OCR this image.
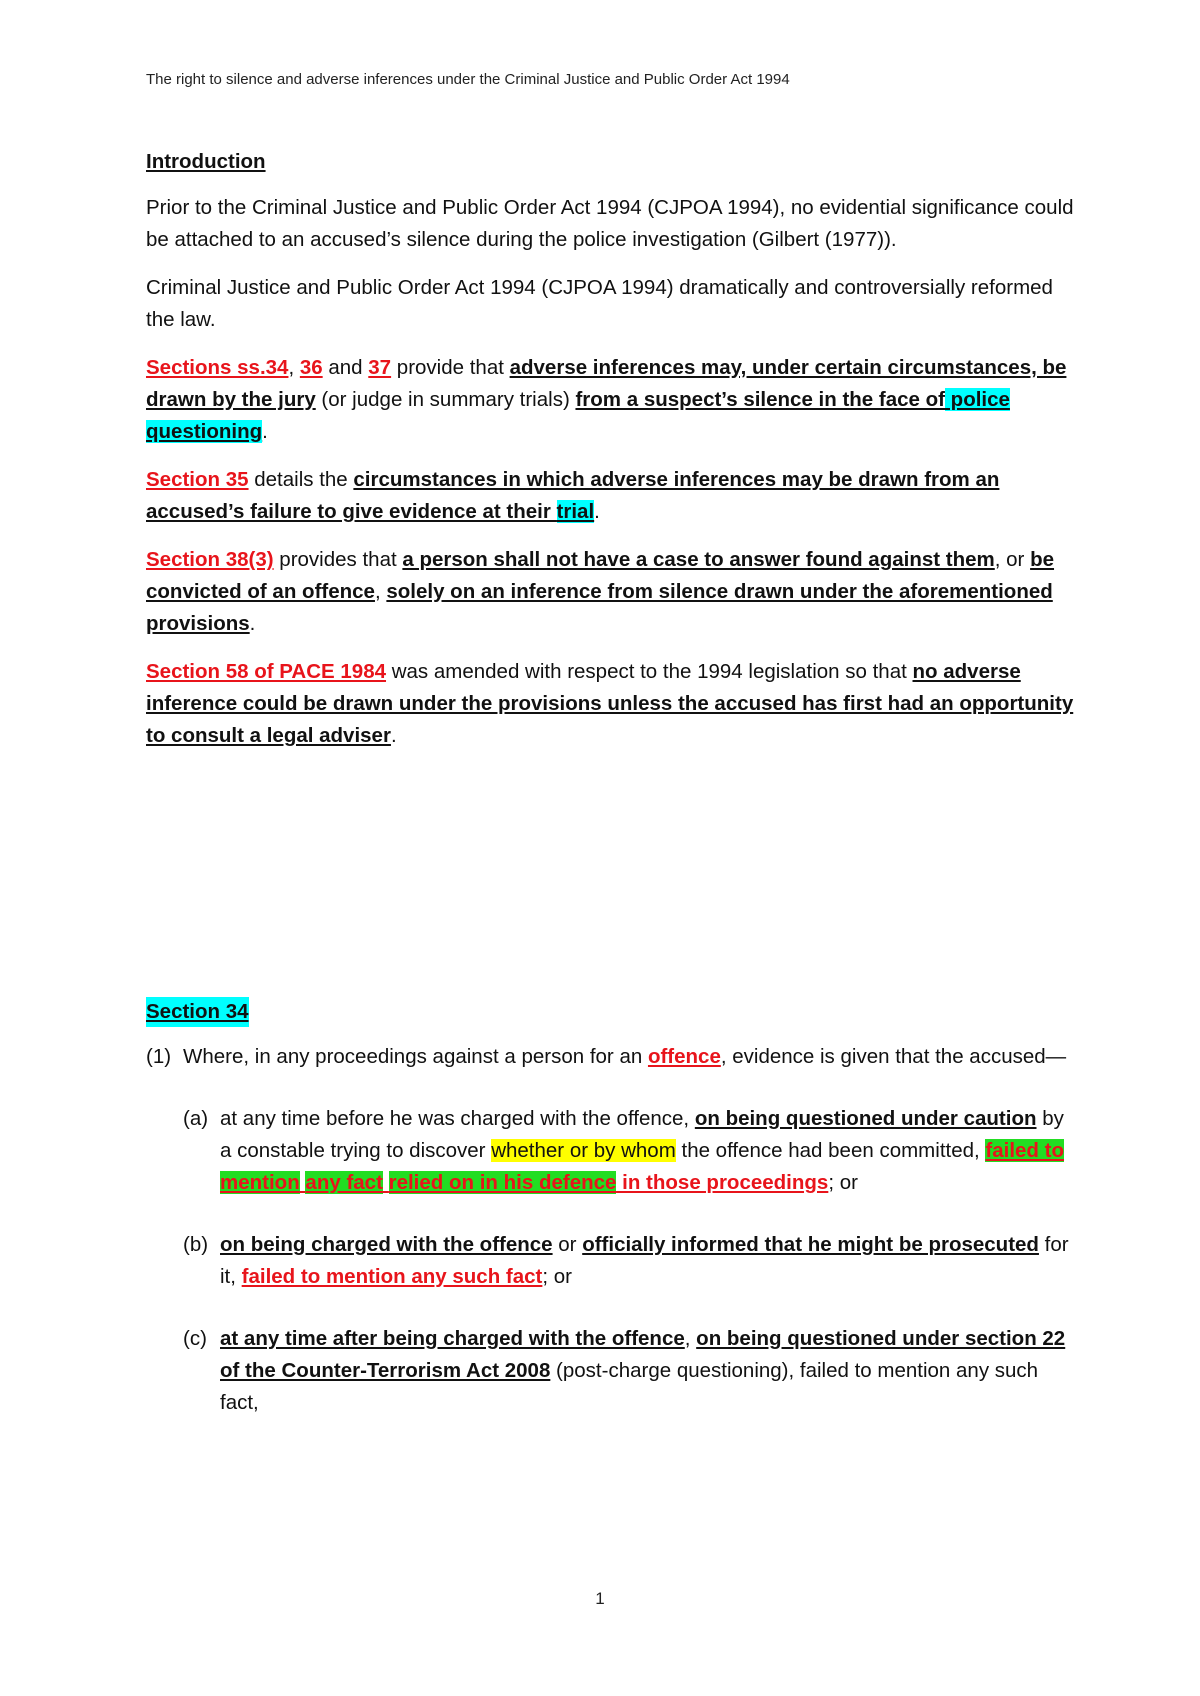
The right to silence and adverse inferences under the Criminal Justice and Public Order Act 1994

Introduction

Prior to the Criminal Justice and Public Order Act 1994 (CJPOA 1994), no evidential significance could be attached to an accused’s silence during the police investigation (Gilbert (1977)).

Criminal Justice and Public Order Act 1994 (CJPOA 1994) dramatically and controversially reformed the law.

Sections ss.34, 36 and 37 provide that adverse inferences may, under certain circumstances, be drawn by the jury (or judge in summary trials) from a suspect’s silence in the face of police questioning.

Section 35 details the circumstances in which adverse inferences may be drawn from an accused’s failure to give evidence at their trial.

Section 38(3) provides that a person shall not have a case to answer found against them, or be convicted of an offence, solely on an inference from silence drawn under the aforementioned provisions.

Section 58 of PACE 1984 was amended with respect to the 1994 legislation so that no adverse inference could be drawn under the provisions unless the accused has first had an opportunity to consult a legal adviser.

Section 34
(1) Where, in any proceedings against a person for an offence, evidence is given that the accused—
(a) at any time before he was charged with the offence, on being questioned under caution by a constable trying to discover whether or by whom the offence had been committed, failed to mention any fact relied on in his defence in those proceedings; or
(b) on being charged with the offence or officially informed that he might be prosecuted for it, failed to mention any such fact; or
(c) at any time after being charged with the offence, on being questioned under section 22 of the Counter-Terrorism Act 2008 (post-charge questioning), failed to mention any such fact,
1
